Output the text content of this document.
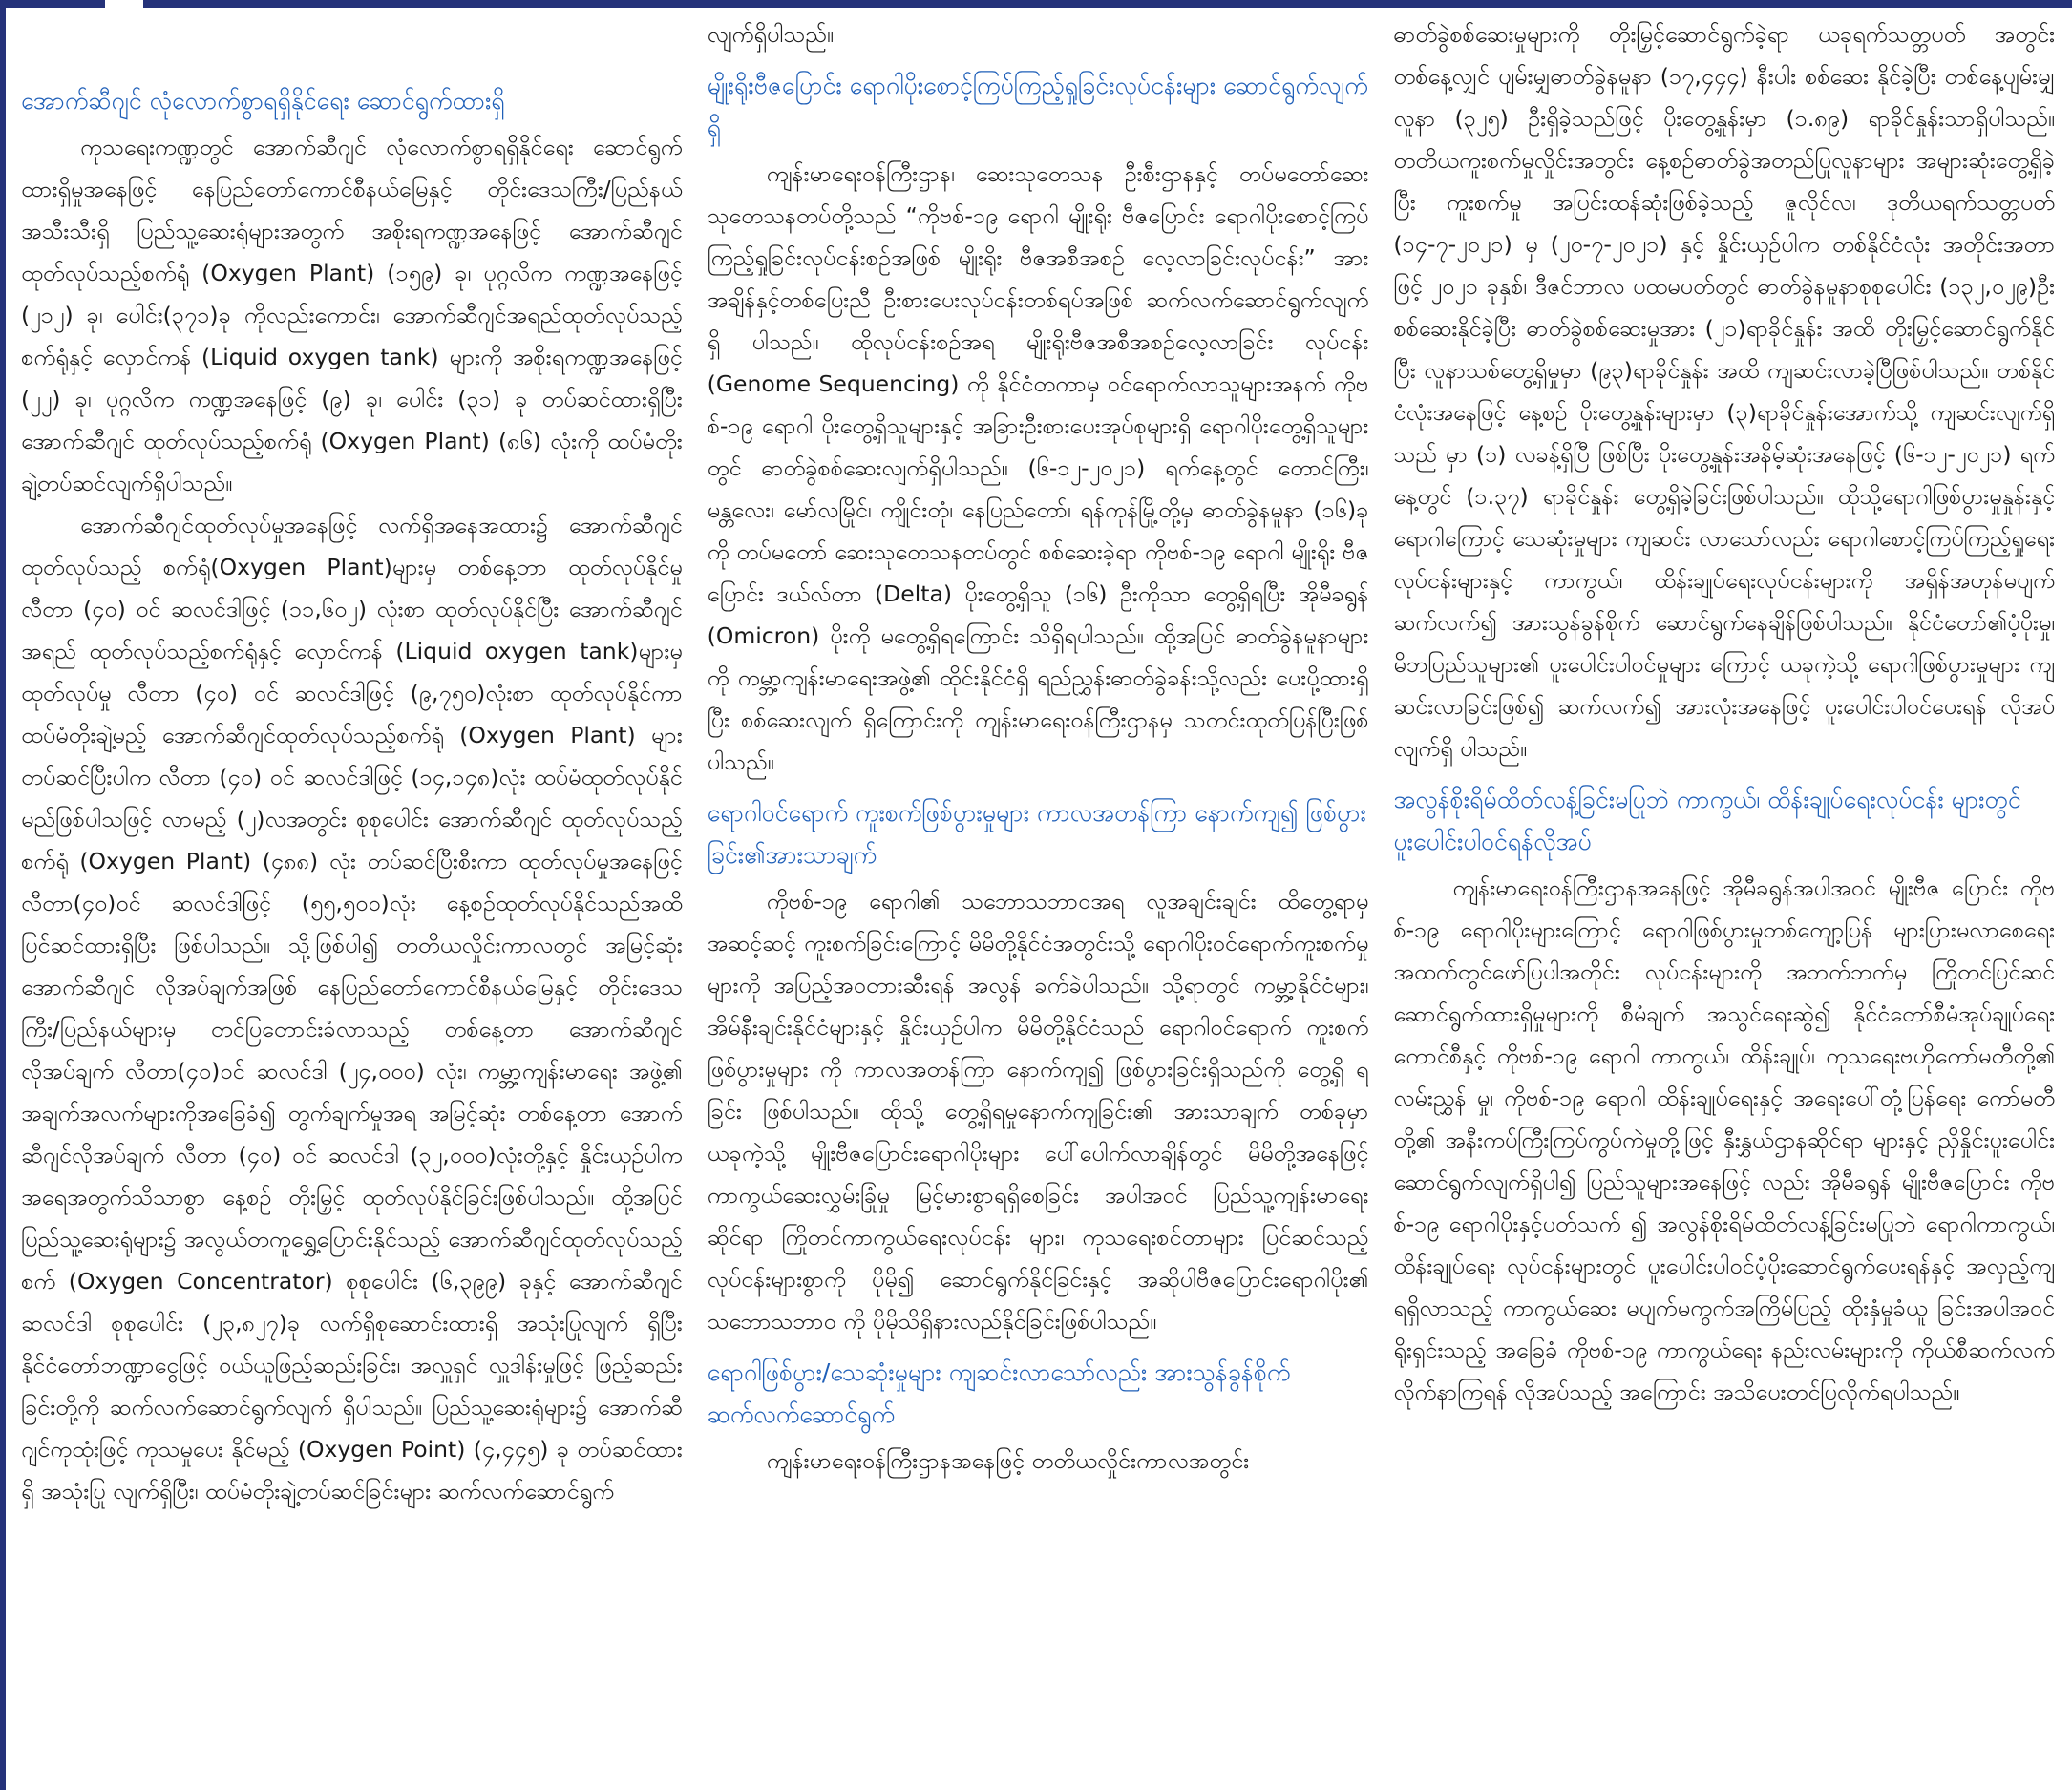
အောက်ဆီဂျင် လုံလောက်စွာရရှိနိုင်ရေး ဆောင်ရွက်ထားရှိ

ကုသရေးကဏ္ဍတွင် အောက်ဆီဂျင် လုံလောက်စွာရရှိနိုင်ရေး ဆောင်ရွက်ထားရှိမှုအနေဖြင့် နေပြည်တော်ကောင်စီနယ်မြေနှင့် တိုင်းဒေသကြီး/ပြည်နယ်အသီးသီးရှိ ပြည်သူ့ဆေးရုံများအတွက် အစိုးရကဏ္ဍအနေဖြင့် အောက်ဆီဂျင်ထုတ်လုပ်သည့်စက်ရုံ (Oxygen Plant) (၁၅၉) ခု၊ ပုဂ္ဂလိက ကဏ္ဍအနေဖြင့် (၂၁၂) ခု၊ ပေါင်း(၃၇၁)ခု ကိုလည်းကောင်း၊ အောက်ဆီဂျင်အရည်ထုတ်လုပ်သည့် စက်ရုံနှင့် လှောင်ကန် (Liquid oxygen tank) များကို အစိုးရကဏ္ဍအနေဖြင့် (၂၂) ခု၊ ပုဂ္ဂလိက ကဏ္ဍအနေဖြင့် (၉) ခု၊ ပေါင်း (၃၁) ခု တပ်ဆင်ထားရှိပြီး အောက်ဆီဂျင် ထုတ်လုပ်သည့်စက်ရုံ (Oxygen Plant) (၈၆) လုံးကို ထပ်မံတိုးချဲ့တပ်ဆင်လျက်ရှိပါသည်။

အောက်ဆီဂျင်ထုတ်လုပ်မှုအနေဖြင့် လက်ရှိအနေအထား၌ အောက်ဆီဂျင်ထုတ်လုပ်သည့် စက်ရုံ(Oxygen Plant)များမှ တစ်နေ့တာ ထုတ်လုပ်နိုင်မှု လီတာ (၄၀) ဝင် ဆလင်ဒါဖြင့် (၁၁,၆၀၂) လုံးစာ ထုတ်လုပ်နိုင်ပြီး အောက်ဆီဂျင်အရည် ထုတ်လုပ်သည့်စက်ရုံနှင့် လှောင်ကန် (Liquid oxygen tank)များမှ ထုတ်လုပ်မှု လီတာ (၄၀) ဝင် ဆလင်ဒါဖြင့် (၉,၇၅၀)လုံးစာ ထုတ်လုပ်နိုင်ကာ ထပ်မံတိုးချဲ့မည့် အောက်ဆီဂျင်ထုတ်လုပ်သည့်စက်ရုံ (Oxygen Plant) များ တပ်ဆင်ပြီးပါက လီတာ (၄၀) ဝင် ဆလင်ဒါဖြင့် (၁၄,၁၄၈)လုံး ထပ်မံထုတ်လုပ်နိုင်မည်ဖြစ်ပါသဖြင့် လာမည့် (၂)လအတွင်း စုစုပေါင်း အောက်ဆီဂျင် ထုတ်လုပ်သည့်စက်ရုံ (Oxygen Plant) (၄၈၈) လုံး တပ်ဆင်ပြီးစီးကာ ထုတ်လုပ်မှုအနေဖြင့် လီတာ(၄၀)ဝင် ဆလင်ဒါဖြင့် (၅၅,၅၀၀)လုံး နေ့စဉ်ထုတ်လုပ်နိုင်သည်အထိ ပြင်ဆင်ထားရှိပြီး ဖြစ်ပါသည်။ သို့ဖြစ်ပါ၍ တတိယလှိုင်းကာလတွင် အမြင့်ဆုံး အောက်ဆီဂျင် လိုအပ်ချက်အဖြစ် နေပြည်တော်ကောင်စီနယ်မြေနှင့် တိုင်းဒေသကြီး/ပြည်နယ်များမှ တင်ပြတောင်းခံလာသည့် တစ်နေ့တာ အောက်ဆီဂျင် လိုအပ်ချက် လီတာ(၄၀)ဝင် ဆလင်ဒါ (၂၄,၀၀၀) လုံး၊ ကမ္ဘာ့ကျန်းမာရေး အဖွဲ့၏ အချက်အလက်များကိုအခြေခံ၍ တွက်ချက်မှုအရ အမြင့်ဆုံး တစ်နေ့တာ အောက်ဆီဂျင်လိုအပ်ချက် လီတာ (၄၀) ဝင် ဆလင်ဒါ (၃၂,၀၀၀)လုံးတို့နှင့် နှိုင်းယှဉ်ပါက အရေအတွက်သိသာစွာ နေ့စဉ် တိုးမြှင့် ထုတ်လုပ်နိုင်ခြင်းဖြစ်ပါသည်။ ထို့အပြင် ပြည်သူ့ဆေးရုံများ၌ အလွယ်တကူရွှေ့ပြောင်းနိုင်သည့် အောက်ဆီဂျင်ထုတ်လုပ်သည့်စက် (Oxygen Concentrator) စုစုပေါင်း (၆,၃၉၉) ခုနှင့် အောက်ဆီဂျင် ဆလင်ဒါ စုစုပေါင်း (၂၃,၈၂၇)ခု လက်ရှိစုဆောင်းထားရှိ အသုံးပြုလျက် ရှိပြီး နိုင်ငံတော်ဘဏ္ဍာငွေဖြင့် ဝယ်ယူဖြည့်ဆည်းခြင်း၊ အလှူရှင် လှူဒါန်းမှုဖြင့် ဖြည့်ဆည်းခြင်းတို့ကို ဆက်လက်ဆောင်ရွက်လျက် ရှိပါသည်။ ပြည်သူ့ဆေးရုံများ၌ အောက်ဆီဂျင်ကုထုံးဖြင့် ကုသမှုပေး နိုင်မည့် (Oxygen Point) (၄,၄၄၅) ခု တပ်ဆင်ထားရှိ အသုံးပြု လျက်ရှိပြီး၊ ထပ်မံတိုးချဲ့တပ်ဆင်ခြင်းများ ဆက်လက်ဆောင်ရွက်

လျက်ရှိပါသည်။

မျိုးရိုးဗီဇပြောင်း ရောဂါပိုးစောင့်ကြပ်ကြည့်ရှုခြင်းလုပ်ငန်းများ ဆောင်ရွက်လျက်ရှိ

ကျန်းမာရေးဝန်ကြီးဌာန၊ ဆေးသုတေသန ဦးစီးဌာနနှင့် တပ်မတော်ဆေးသုတေသနတပ်တို့သည် “ကိုဗစ်-၁၉ ရောဂါ မျိုးရိုး ဗီဇပြောင်း ရောဂါပိုးစောင့်ကြပ်ကြည့်ရှုခြင်းလုပ်ငန်းစဉ်အဖြစ် မျိုးရိုး ဗီဇအစီအစဉ် လေ့လာခြင်းလုပ်ငန်း” အား အချိန်နှင့်တစ်ပြေးညီ ဦးစားပေးလုပ်ငန်းတစ်ရပ်အဖြစ် ဆက်လက်ဆောင်ရွက်လျက်ရှိ ပါသည်။ ထိုလုပ်ငန်းစဉ်အရ မျိုးရိုးဗီဇအစီအစဉ်လေ့လာခြင်း လုပ်ငန်း (Genome Sequencing) ကို နိုင်ငံတကာမှ ဝင်ရောက်လာသူများအနက် ကိုဗစ်-၁၉ ရောဂါ ပိုးတွေ့ရှိသူများနှင့် အခြားဦးစားပေးအုပ်စုများရှိ ရောဂါပိုးတွေ့ရှိသူများတွင် ဓာတ်ခွဲစစ်ဆေးလျက်ရှိပါသည်။ (၆-၁၂-၂၀၂၁) ရက်နေ့တွင် တောင်ကြီး၊ မန္တလေး၊ မော်လမြိုင်၊ ကျိုင်းတုံ၊ နေပြည်တော်၊ ရန်ကုန်မြို့တို့မှ ဓာတ်ခွဲနမူနာ (၁၆)ခုကို တပ်မတော် ဆေးသုတေသနတပ်တွင် စစ်ဆေးခဲ့ရာ ကိုဗစ်-၁၉ ရောဂါ မျိုးရိုး ဗီဇပြောင်း ဒယ်လ်တာ (Delta) ပိုးတွေ့ရှိသူ (၁၆) ဦးကိုသာ တွေ့ရှိရပြီး အိုမီခရွန် (Omicron) ပိုးကို မတွေ့ရှိရကြောင်း သိရှိရပါသည်။ ထို့အပြင် ဓာတ်ခွဲနမူနာများကို ကမ္ဘာ့ကျန်းမာရေးအဖွဲ့၏ ထိုင်းနိုင်ငံရှိ ရည်ညွှန်းဓာတ်ခွဲခန်းသို့လည်း ပေးပို့ထားရှိပြီး စစ်ဆေးလျက် ရှိကြောင်းကို ကျန်းမာရေးဝန်ကြီးဌာနမှ သတင်းထုတ်ပြန်ပြီးဖြစ် ပါသည်။

ရောဂါဝင်ရောက် ကူးစက်ဖြစ်ပွားမှုများ ကာလအတန်ကြာ နောက်ကျ၍ ဖြစ်ပွားခြင်း၏အားသာချက်

ကိုဗစ်-၁၉ ရောဂါ၏ သဘောသဘာဝအရ လူအချင်းချင်း ထိတွေ့ရာမှ အဆင့်ဆင့် ကူးစက်ခြင်းကြောင့် မိမိတို့နိုင်ငံအတွင်းသို့ ရောဂါပိုးဝင်ရောက်ကူးစက်မှုများကို အပြည့်အဝတားဆီးရန် အလွန် ခက်ခဲပါသည်။ သို့ရာတွင် ကမ္ဘာ့နိုင်ငံများ၊ အိမ်နီးချင်းနိုင်ငံများနှင့် နှိုင်းယှဉ်ပါက မိမိတို့နိုင်ငံသည် ရောဂါဝင်ရောက် ကူးစက်ဖြစ်ပွားမှုများ ကို ကာလအတန်ကြာ နောက်ကျ၍ ဖြစ်ပွားခြင်းရှိသည်ကို တွေ့ရှိ ရခြင်း ဖြစ်ပါသည်။ ထိုသို့ တွေ့ရှိရမှုနောက်ကျခြင်း၏ အားသာချက် တစ်ခုမှာ ယခုကဲ့သို့ မျိုးဗီဇပြောင်းရောဂါပိုးများ ပေါ်ပေါက်လာချိန်တွင် မိမိတို့အနေဖြင့် ကာကွယ်ဆေးလွှမ်းခြုံမှု မြင့်မားစွာရရှိစေခြင်း အပါအဝင် ပြည်သူ့ကျန်းမာရေးဆိုင်ရာ ကြိုတင်ကာကွယ်ရေးလုပ်ငန်း များ၊ ကုသရေးစင်တာများ ပြင်ဆင်သည့်လုပ်ငန်းများစွာကို ပိုမို၍ ဆောင်ရွက်နိုင်ခြင်းနှင့် အဆိုပါဗီဇပြောင်းရောဂါပိုး၏ သဘောသဘာဝ ကို ပိုမိုသိရှိနားလည်နိုင်ခြင်းဖြစ်ပါသည်။

ရောဂါဖြစ်ပွား/သေဆုံးမှုများ ကျဆင်းလာသော်လည်း အားသွန်ခွန်စိုက်ဆက်လက်ဆောင်ရွက်

ကျန်းမာရေးဝန်ကြီးဌာနအနေဖြင့် တတိယလှိုင်းကာလအတွင်း

ဓာတ်ခွဲစစ်ဆေးမှုများကို တိုးမြှင့်ဆောင်ရွက်ခဲ့ရာ ယခုရက်သတ္တပတ် အတွင်း တစ်နေ့လျှင် ပျမ်းမျှဓာတ်ခွဲနမူနာ (၁၇,၄၄၄) နီးပါး စစ်ဆေး နိုင်ခဲ့ပြီး တစ်နေ့ပျမ်းမျှလူနာ (၃၂၅) ဦးရှိခဲ့သည်ဖြင့် ပိုးတွေ့နှုန်းမှာ (၁.၈၉) ရာခိုင်နှုန်းသာရှိပါသည်။ တတိယကူးစက်မှုလှိုင်းအတွင်း နေ့စဉ်ဓာတ်ခွဲအတည်ပြုလူနာများ အများဆုံးတွေ့ရှိခဲ့ပြီး ကူးစက်မှု အပြင်းထန်ဆုံးဖြစ်ခဲ့သည့် ဇူလိုင်လ၊ ဒုတိယရက်သတ္တပတ် (၁၄-၇-၂၀၂၁) မှ (၂၀-၇-၂၀၂၁) နှင့် နှိုင်းယှဉ်ပါက တစ်နိုင်ငံလုံး အတိုင်းအတာ ဖြင့် ၂၀၂၁ ခုနှစ်၊ ဒီဇင်ဘာလ ပထမပတ်တွင် ဓာတ်ခွဲနမူနာစုစုပေါင်း (၁၃၂,၀၂၉)ဦး စစ်ဆေးနိုင်ခဲ့ပြီး ဓာတ်ခွဲစစ်ဆေးမှုအား (၂၁)ရာခိုင်နှုန်း အထိ တိုးမြှင့်ဆောင်ရွက်နိုင်ပြီး လူနာသစ်တွေ့ရှိမှုမှာ (၉၃)ရာခိုင်နှုန်း အထိ ကျဆင်းလာခဲ့ပြီဖြစ်ပါသည်။ တစ်နိုင်ငံလုံးအနေဖြင့် နေ့စဉ် ပိုးတွေ့နှုန်းများမှာ (၃)ရာခိုင်နှုန်းအောက်သို့ ကျဆင်းလျက်ရှိသည် မှာ (၁) လခန့်ရှိပြီ ဖြစ်ပြီး ပိုးတွေ့နှုန်းအနိမ့်ဆုံးအနေဖြင့် (၆-၁၂-၂၀၂၁) ရက်နေ့တွင် (၁.၃၇) ရာခိုင်နှုန်း တွေ့ရှိခဲ့ခြင်းဖြစ်ပါသည်။ ထိုသို့ရောဂါဖြစ်ပွားမှုနှုန်းနှင့် ရောဂါကြောင့် သေဆုံးမှုများ ကျဆင်း လာသော်လည်း ရောဂါစောင့်ကြပ်ကြည့်ရှုရေးလုပ်ငန်းများနှင့် ကာကွယ်၊ ထိန်းချုပ်ရေးလုပ်ငန်းများကို အရှိန်အဟုန်မပျက် ဆက်လက်၍ အားသွန်ခွန်စိုက် ဆောင်ရွက်နေချိန်ဖြစ်ပါသည်။ နိုင်ငံတော်၏ပံ့ပိုးမှု၊ မိဘပြည်သူများ၏ ပူးပေါင်းပါဝင်မှုများ ကြောင့် ယခုကဲ့သို့ ရောဂါဖြစ်ပွားမှုများ ကျဆင်းလာခြင်းဖြစ်၍ ဆက်လက်၍ အားလုံးအနေဖြင့် ပူးပေါင်းပါဝင်ပေးရန် လိုအပ်လျက်ရှိ ပါသည်။

အလွန်စိုးရိမ်ထိတ်လန့်ခြင်းမပြုဘဲ ကာကွယ်၊ ထိန်းချုပ်ရေးလုပ်ငန်း များတွင် ပူးပေါင်းပါဝင်ရန်လိုအပ်

ကျန်းမာရေးဝန်ကြီးဌာနအနေဖြင့် အိုမီခရွန်အပါအဝင် မျိုးဗီဇ ပြောင်း ကိုဗစ်-၁၉ ရောဂါပိုးများကြောင့် ရောဂါဖြစ်ပွားမှုတစ်ကျော့ပြန် များပြားမလာစေရေး အထက်တွင်ဖော်ပြပါအတိုင်း လုပ်ငန်းများကို အဘက်ဘက်မှ ကြိုတင်ပြင်ဆင် ဆောင်ရွက်ထားရှိမှုများကို စီမံချက် အသွင်ရေးဆွဲ၍ နိုင်ငံတော်စီမံအုပ်ချုပ်ရေးကောင်စီနှင့် ကိုဗစ်-၁၉ ရောဂါ ကာကွယ်၊ ထိန်းချုပ်၊ ကုသရေးဗဟိုကော်မတီတို့၏ လမ်းညွှန် မှု၊ ကိုဗစ်-၁၉ ရောဂါ ထိန်းချုပ်ရေးနှင့် အရေးပေါ်တုံ့ပြန်ရေး ကော်မတီတို့၏ အနီးကပ်ကြီးကြပ်ကွပ်ကဲမှုတို့ဖြင့် နှီးနွှယ်ဌာနဆိုင်ရာ များနှင့် ညှိနှိုင်းပူးပေါင်းဆောင်ရွက်လျက်ရှိပါ၍ ပြည်သူများအနေဖြင့် လည်း အိုမီခရွန် မျိုးဗီဇပြောင်း ကိုဗစ်-၁၉ ရောဂါပိုးနှင့်ပတ်သက် ၍ အလွန်စိုးရိမ်ထိတ်လန့်ခြင်းမပြုဘဲ ရောဂါကာကွယ်၊ ထိန်းချုပ်ရေး လုပ်ငန်းများတွင် ပူးပေါင်းပါဝင်ပံ့ပိုးဆောင်ရွက်ပေးရန်နှင့် အလှည့်ကျ ရရှိလာသည့် ကာကွယ်ဆေး မပျက်မကွက်အကြိမ်ပြည့် ထိုးနှံမှုခံယူ ခြင်းအပါအဝင် ရိုးရှင်းသည့် အခြေခံ ကိုဗစ်-၁၉ ကာကွယ်ရေး နည်းလမ်းများကို ကိုယ်စီဆက်လက်လိုက်နာကြရန် လိုအပ်သည့် အကြောင်း အသိပေးတင်ပြလိုက်ရပါသည်။
